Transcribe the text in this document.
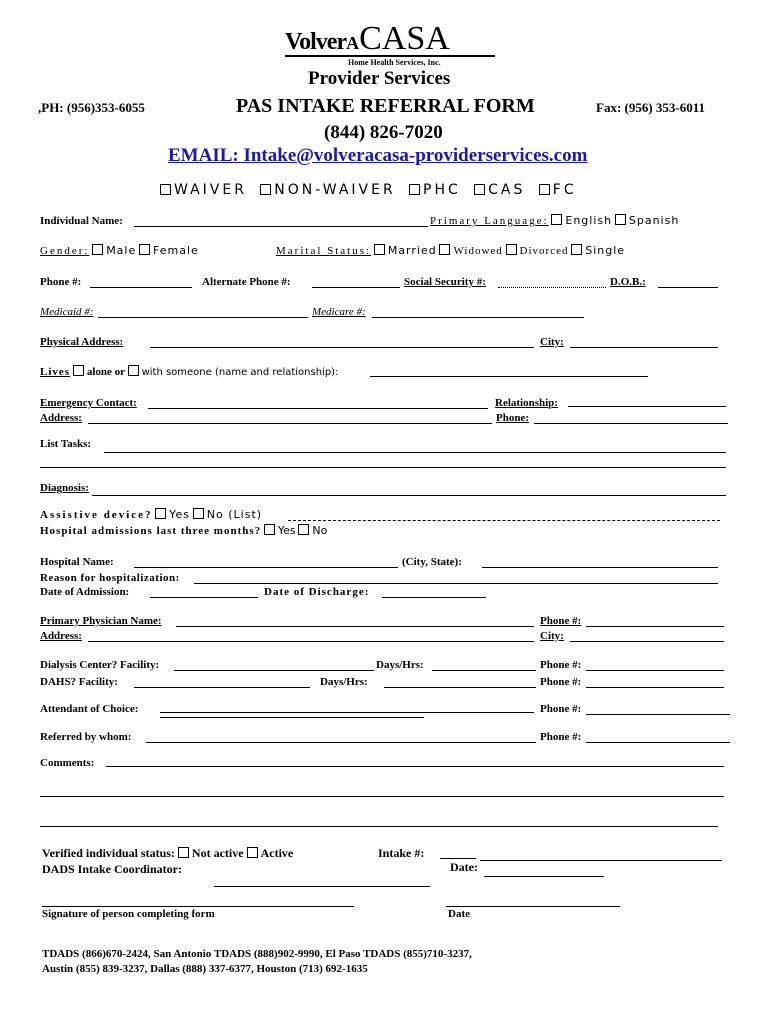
VolverACASA
Home Health Services, Inc.
Provider Services
,PH: (956)353-6055	PAS INTAKE REFERRAL FORM	Fax: (956) 353-6011
(844) 826-7020
EMAIL: Intake@volveracasa-providerservices.com
WAIVER NON-WAIVER PHC CAS FC
Individual Name:	Primary Language: English Spanish
Gender: Male Female	Marital Status: Married Widowed Divorced Single
Phone #:	Alternate Phone #:	Social Security #:	D.O.B.:
Medicaid #:	Medicare #:
Physical Address:	City:
Lives alone or with someone (name and relationship):
Emergency Contact:	Relationship:
Address:	Phone:
List Tasks:
Diagnosis:
Assistive device? Yes No (List)
Hospital admissions last three months? Yes No
Hospital Name:	(City, State):
Reason for hospitalization:
Date of Admission:	Date of Discharge:
Primary Physician Name:	Phone #:
Address:	City:
Dialysis Center? Facility:	Days/Hrs:	Phone #:
DAHS? Facility:	Days/Hrs:	Phone #:
Attendant of Choice:	Phone #:
Referred by whom:	Phone #:
Comments:
Verified individual status: Not active Active	Intake #:
DADS Intake Coordinator:	Date:
Signature of person completing form	Date
TDADS (866)670-2424, San Antonio TDADS (888)902-9990, El Paso TDADS (855)710-3237,
Austin (855) 839-3237, Dallas (888) 337-6377, Houston (713) 692-1635
